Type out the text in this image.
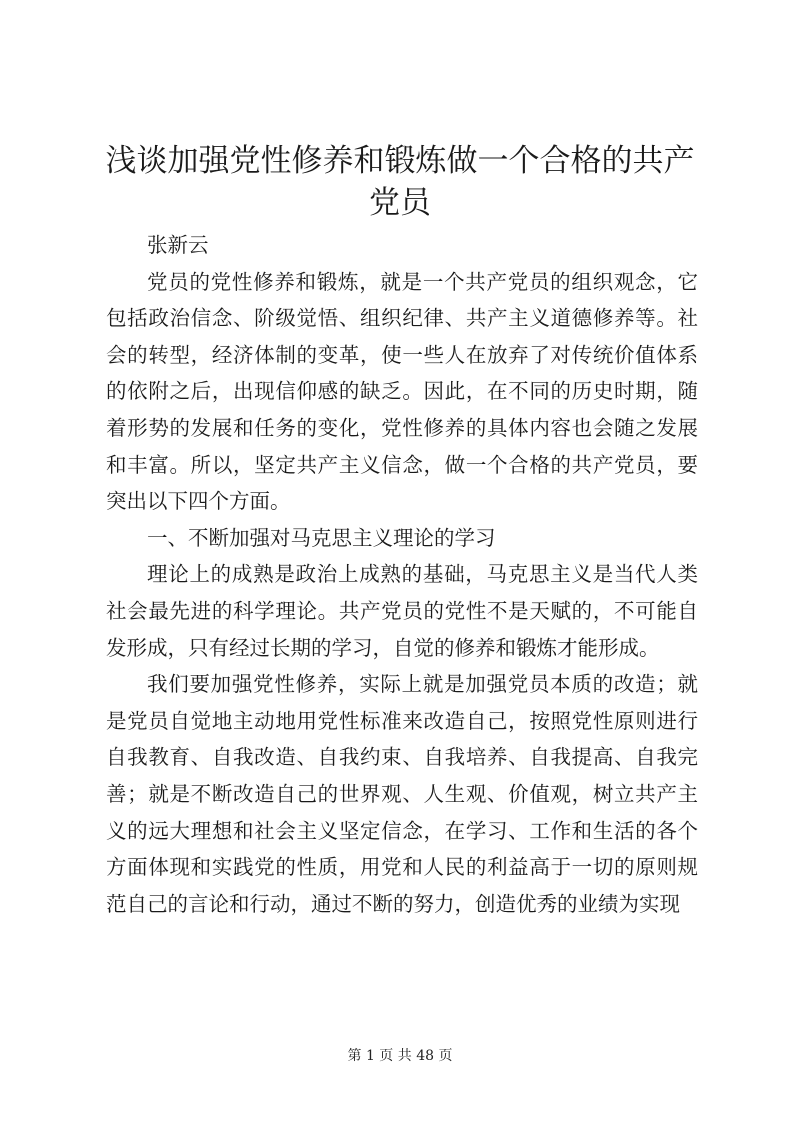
浅谈加强党性修养和锻炼做一个合格的共产党员

张新云

党员的党性修养和锻炼，就是一个共产党员的组织观念，它包括政治信念、阶级觉悟、组织纪律、共产主义道德修养等。社会的转型，经济体制的变革，使一些人在放弃了对传统价值体系的依附之后，出现信仰感的缺乏。因此，在不同的历史时期，随着形势的发展和任务的变化，党性修养的具体内容也会随之发展和丰富。所以，坚定共产主义信念，做一个合格的共产党员，要突出以下四个方面。

一、不断加强对马克思主义理论的学习

理论上的成熟是政治上成熟的基础，马克思主义是当代人类社会最先进的科学理论。共产党员的党性不是天赋的，不可能自发形成，只有经过长期的学习，自觉的修养和锻炼才能形成。

我们要加强党性修养，实际上就是加强党员本质的改造；就是党员自觉地主动地用党性标准来改造自己，按照党性原则进行自我教育、自我改造、自我约束、自我培养、自我提高、自我完善；就是不断改造自己的世界观、人生观、价值观，树立共产主义的远大理想和社会主义坚定信念，在学习、工作和生活的各个方面体现和实践党的性质，用党和人民的利益高于一切的原则规范自己的言论和行动，通过不断的努力，创造优秀的业绩为实现

第 1 页 共 48 页
